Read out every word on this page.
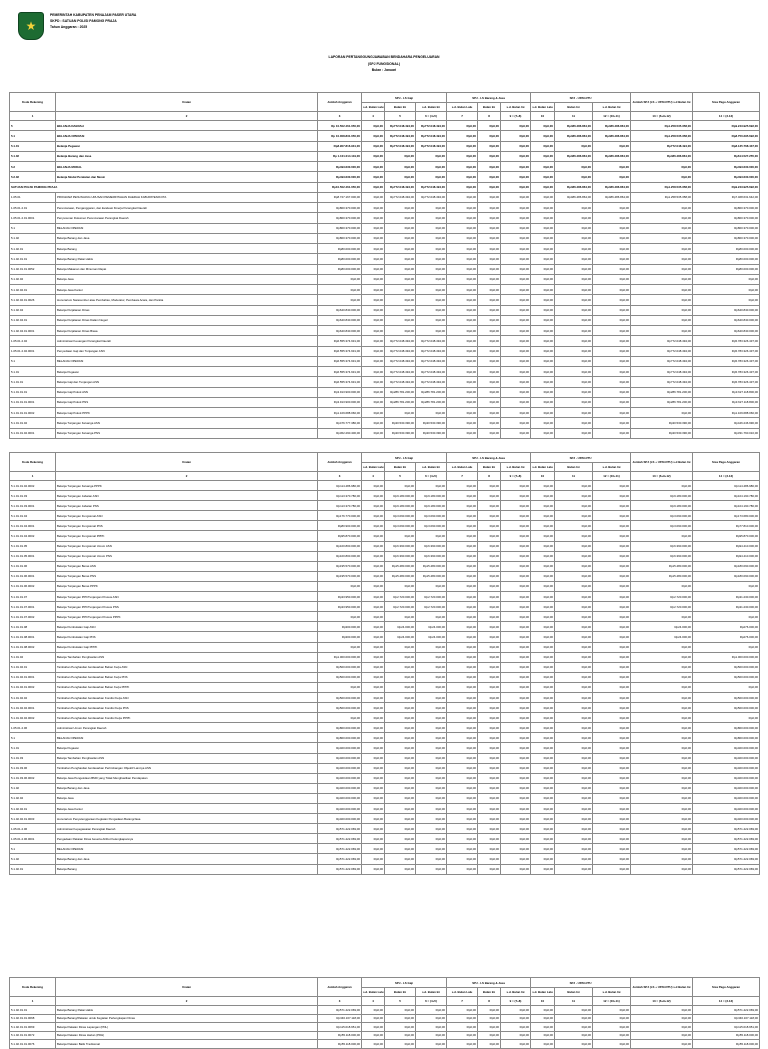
★
PEMERINTAH KABUPATEN PENAJAM PASER UTARA
SKPD : SATUAN POLISI PAMONG PRAJA
Tahun Anggaran : 2025
LAPORAN PERTANGGUNGJAWABAN BENDAHARA PENGELUARAN
(SPJ FUNGSIONAL)
Bulan : Januari
Kode Rekening	Uraian	Jumlah Anggaran	SPJ - LS Gaji			SPJ - LS Barang & Jasa			SPJ - UP/GU/TU			Jumlah SPJ (LS + UP/GU/TU) s.d Bulan Ini	Sisa Pagu Anggaran
			s.d. Bulan Lalu	Bulan Ini	s.d. Bulan Ini	s.d. Bulan Lalu	Bulan Ini	s.d. Bulan Ini	s.d. Bulan Lalu	Bulan Ini	s.d. Bulan Ini		
1	2	3	4	5	6 = (4+5)	7	8	9 = (7+8)	10	11	12 = (10+11)	13 = (6+9+12)	14 = (3-13)
5	BELANJA DAERAH	Rp 10.502.461.050,00	Rp0,00	Rp772.048.494,00	Rp772.048.494,00	Rp0,00	Rp0,00	Rp0,00	Rp0,00	Rp486.486.864,00	Rp486.486.864,00	Rp1.258.535.358,00	Rp9.243.925.692,00
5.1	BELANJA OPERASI	Rp 10.008.831.050,00	Rp0,00	Rp772.048.494,00	Rp772.048.494,00	Rp0,00	Rp0,00	Rp0,00	Rp0,00	Rp486.486.864,00	Rp486.486.864,00	Rp1.258.535.358,00	Rp8.750.295.692,00
5.1.01	Belanja Pegawai	Rp8.907.816.931,00	Rp0,00	Rp772.048.494,00	Rp772.048.494,00	Rp0,00	Rp0,00	Rp0,00	Rp0,00	Rp0,00	Rp0,00	Rp772.048.494,00	Rp8.135.768.437,00
5.1.02	Belanja Barang dan Jasa	Rp 1.101.014.119,00	Rp0,00	Rp0,00	Rp0,00	Rp0,00	Rp0,00	Rp0,00	Rp0,00	Rp486.486.864,00	Rp486.486.864,00	Rp486.486.864,00	Rp614.527.255,00
5.2	BELANJA MODAL	Rp493.630.000,00	Rp0,00	Rp0,00	Rp0,00	Rp0,00	Rp0,00	Rp0,00	Rp0,00	Rp0,00	Rp0,00	Rp0,00	Rp493.630.000,00
5.2.02	Belanja Modal Peralatan dan Mesin	Rp493.630.000,00	Rp0,00	Rp0,00	Rp0,00	Rp0,00	Rp0,00	Rp0,00	Rp0,00	Rp0,00	Rp0,00	Rp0,00	Rp493.630.000,00
SATUAN POLISI PAMONG PRAJA		Rp10.502.461.050,00	Rp0,00	Rp772.048.494,00	Rp772.048.494,00	Rp0,00	Rp0,00	Rp0,00	Rp0,00	Rp486.486.864,00	Rp486.486.864,00	Rp1.258.535.358,00	Rp9.243.925.692,00
1.05.01	PROGRAM PENUNJANG URUSAN PEMERINTAHAN DAERAH KABUPATEN/KOTA	Rp8.727.167.000,00	Rp0,00	Rp772.048.494,00	Rp772.048.494,00	Rp0,00	Rp0,00	Rp0,00	Rp0,00	Rp486.486.864,00	Rp486.486.864,00	Rp1.258.535.358,00	Rp7.468.631.642,00
1.05.01.2.01	Perencanaan, Penganggaran, dan Evaluasi Kinerja Perangkat Daerah	Rp800.370.000,00	Rp0,00	Rp0,00	Rp0,00	Rp0,00	Rp0,00	Rp0,00	Rp0,00	Rp0,00	Rp0,00	Rp0,00	Rp800.370.000,00
1.05.01.2.01.0001	Penyusunan Dokumen Perencanaan Perangkat Daerah	Rp800.370.000,00	Rp0,00	Rp0,00	Rp0,00	Rp0,00	Rp0,00	Rp0,00	Rp0,00	Rp0,00	Rp0,00	Rp0,00	Rp800.370.000,00
5.1	BELANJA OPERASI	Rp800.370.000,00	Rp0,00	Rp0,00	Rp0,00	Rp0,00	Rp0,00	Rp0,00	Rp0,00	Rp0,00	Rp0,00	Rp0,00	Rp800.370.000,00
5.1.02	Belanja Barang dan Jasa	Rp800.370.000,00	Rp0,00	Rp0,00	Rp0,00	Rp0,00	Rp0,00	Rp0,00	Rp0,00	Rp0,00	Rp0,00	Rp0,00	Rp800.370.000,00
5.1.02.01	Belanja Barang	Rp80.000.000,00	Rp0,00	Rp0,00	Rp0,00	Rp0,00	Rp0,00	Rp0,00	Rp0,00	Rp0,00	Rp0,00	Rp0,00	Rp80.000.000,00
5.1.02.01.01	Belanja Barang Pakai Habis	Rp80.000.000,00	Rp0,00	Rp0,00	Rp0,00	Rp0,00	Rp0,00	Rp0,00	Rp0,00	Rp0,00	Rp0,00	Rp0,00	Rp80.000.000,00
5.1.02.01.01.0052	Belanja Makanan dan Minuman Rapat	Rp80.000.000,00	Rp0,00	Rp0,00	Rp0,00	Rp0,00	Rp0,00	Rp0,00	Rp0,00	Rp0,00	Rp0,00	Rp0,00	Rp80.000.000,00
5.1.02.02	Belanja Jasa	Rp0,00	Rp0,00	Rp0,00	Rp0,00	Rp0,00	Rp0,00	Rp0,00	Rp0,00	Rp0,00	Rp0,00	Rp0,00	Rp0,00
5.1.02.02.01	Belanja Jasa Kantor	Rp0,00	Rp0,00	Rp0,00	Rp0,00	Rp0,00	Rp0,00	Rp0,00	Rp0,00	Rp0,00	Rp0,00	Rp0,00	Rp0,00
5.1.02.02.01.0026	Honorarium Narasumber atau Pembahas, Moderator, Pembawa Acara, dan Panitia	Rp0,00	Rp0,00	Rp0,00	Rp0,00	Rp0,00	Rp0,00	Rp0,00	Rp0,00	Rp0,00	Rp0,00	Rp0,00	Rp0,00
5.1.02.04	Belanja Perjalanan Dinas	Rp640.840.000,00	Rp0,00	Rp0,00	Rp0,00	Rp0,00	Rp0,00	Rp0,00	Rp0,00	Rp0,00	Rp0,00	Rp0,00	Rp640.840.000,00
5.1.02.04.01	Belanja Perjalanan Dinas Dalam Negeri	Rp640.840.000,00	Rp0,00	Rp0,00	Rp0,00	Rp0,00	Rp0,00	Rp0,00	Rp0,00	Rp0,00	Rp0,00	Rp0,00	Rp640.840.000,00
5.1.02.04.01.0001	Belanja Perjalanan Dinas Biasa	Rp640.840.000,00	Rp0,00	Rp0,00	Rp0,00	Rp0,00	Rp0,00	Rp0,00	Rp0,00	Rp0,00	Rp0,00	Rp0,00	Rp640.840.000,00
1.05.01.2.02	Administrasi Keuangan Perangkat Daerah	Rp6.555.374.931,00	Rp0,00	Rp772.048.494,00	Rp772.048.494,00	Rp0,00	Rp0,00	Rp0,00	Rp0,00	Rp0,00	Rp0,00	Rp772.048.494,00	Rp5.783.326.437,00
1.05.01.2.02.0001	Penyediaan Gaji dan Tunjangan ASN	Rp6.555.374.931,00	Rp0,00	Rp772.048.494,00	Rp772.048.494,00	Rp0,00	Rp0,00	Rp0,00	Rp0,00	Rp0,00	Rp0,00	Rp772.048.494,00	Rp5.783.326.437,00
5.1	BELANJA OPERASI	Rp6.555.374.931,00	Rp0,00	Rp772.048.494,00	Rp772.048.494,00	Rp0,00	Rp0,00	Rp0,00	Rp0,00	Rp0,00	Rp0,00	Rp772.048.494,00	Rp5.783.326.437,00
5.1.01	Belanja Pegawai	Rp6.555.374.931,00	Rp0,00	Rp772.048.494,00	Rp772.048.494,00	Rp0,00	Rp0,00	Rp0,00	Rp0,00	Rp0,00	Rp0,00	Rp772.048.494,00	Rp5.783.326.437,00
5.1.01.01	Belanja Gaji dan Tunjangan ASN	Rp6.555.374.931,00	Rp0,00	Rp772.048.494,00	Rp772.048.494,00	Rp0,00	Rp0,00	Rp0,00	Rp0,00	Rp0,00	Rp0,00	Rp772.048.494,00	Rp5.783.326.437,00
5.1.01.01.01	Belanja Gaji Pokok ASN	Rp3.913.900.000,00	Rp0,00	Rp286.781.200,00	Rp286.781.200,00	Rp0,00	Rp0,00	Rp0,00	Rp0,00	Rp0,00	Rp0,00	Rp286.781.200,00	Rp3.627.118.800,00
5.1.01.01.01.0001	Belanja Gaji Pokok PNS	Rp3.913.900.000,00	Rp0,00	Rp286.781.200,00	Rp286.781.200,00	Rp0,00	Rp0,00	Rp0,00	Rp0,00	Rp0,00	Rp0,00	Rp286.781.200,00	Rp3.627.118.800,00
5.1.01.01.01.0002	Belanja Gaji Pokok PPPK	Rp1.109.688.060,00	Rp0,00	Rp0,00	Rp0,00	Rp0,00	Rp0,00	Rp0,00	Rp0,00	Rp0,00	Rp0,00	Rp0,00	Rp1.109.688.060,00
5.1.01.01.02	Belanja Tunjangan Keluarga ASN	Rp476.777.380,00	Rp0,00	Rp30.530.390,00	Rp30.530.390,00	Rp0,00	Rp0,00	Rp0,00	Rp0,00	Rp0,00	Rp0,00	Rp30.530.390,00	Rp446.246.990,00
5.1.01.01.02.0001	Belanja Tunjangan Keluarga PNS	Rp362.290.400,00	Rp0,00	Rp30.530.390,00	Rp30.530.390,00	Rp0,00	Rp0,00	Rp0,00	Rp0,00	Rp0,00	Rp0,00	Rp30.530.390,00	Rp331.760.010,00
Kode Rekening	Uraian	Jumlah Anggaran	SPJ - LS Gaji			SPJ - LS Barang & Jasa			SPJ - UP/GU/TU			Jumlah SPJ (LS + UP/GU/TU) s.d Bulan Ini	Sisa Pagu Anggaran
			s.d. Bulan Lalu	Bulan Ini	s.d. Bulan Ini	s.d. Bulan Lalu	Bulan Ini	s.d. Bulan Ini	s.d. Bulan Lalu	Bulan Ini	s.d. Bulan Ini		
1	2	3	4	5	6 = (4+5)	7	8	9 = (7+8)	10	11	12 = (10+11)	13 = (6+9+12)	14 = (3-13)
5.1.01.01.02.0002	Belanja Tunjangan Keluarga PPPK	Rp114.486.980,00	Rp0,00	Rp0,00	Rp0,00	Rp0,00	Rp0,00	Rp0,00	Rp0,00	Rp0,00	Rp0,00	Rp0,00	Rp114.486.980,00
5.1.01.01.03	Belanja Tunjangan Jabatan ASN	Rp113.370.780,00	Rp0,00	Rp9.180.000,00	Rp9.180.000,00	Rp0,00	Rp0,00	Rp0,00	Rp0,00	Rp0,00	Rp0,00	Rp9.180.000,00	Rp104.190.780,00
5.1.01.01.03.0001	Belanja Tunjangan Jabatan PNS	Rp113.370.780,00	Rp0,00	Rp9.180.000,00	Rp9.180.000,00	Rp0,00	Rp0,00	Rp0,00	Rp0,00	Rp0,00	Rp0,00	Rp9.180.000,00	Rp104.190.780,00
5.1.01.01.04	Belanja Tunjangan Fungsional ASN	Rp176.770.000,00	Rp0,00	Rp3.090.000,00	Rp3.090.000,00	Rp0,00	Rp0,00	Rp0,00	Rp0,00	Rp0,00	Rp0,00	Rp3.090.000,00	Rp173.680.000,00
5.1.01.01.04.0001	Belanja Tunjangan Fungsional PNS	Rp80.900.000,00	Rp0,00	Rp3.090.000,00	Rp3.090.000,00	Rp0,00	Rp0,00	Rp0,00	Rp0,00	Rp0,00	Rp0,00	Rp3.090.000,00	Rp77.810.000,00
5.1.01.01.04.0002	Belanja Tunjangan Fungsional PPPK	Rp95.870.000,00	Rp0,00	Rp0,00	Rp0,00	Rp0,00	Rp0,00	Rp0,00	Rp0,00	Rp0,00	Rp0,00	Rp0,00	Rp95.870.000,00
5.1.01.01.05	Belanja Tunjangan Fungsional Umum ASN	Rp100.800.000,00	Rp0,00	Rp6.390.000,00	Rp6.390.000,00	Rp0,00	Rp0,00	Rp0,00	Rp0,00	Rp0,00	Rp0,00	Rp6.390.000,00	Rp94.410.000,00
5.1.01.01.05.0001	Belanja Tunjangan Fungsional Umum PNS	Rp100.800.000,00	Rp0,00	Rp6.390.000,00	Rp6.390.000,00	Rp0,00	Rp0,00	Rp0,00	Rp0,00	Rp0,00	Rp0,00	Rp6.390.000,00	Rp94.410.000,00
5.1.01.01.06	Belanja Tunjangan Beras ASN	Rp195.570.000,00	Rp0,00	Rp15.480.000,00	Rp15.480.000,00	Rp0,00	Rp0,00	Rp0,00	Rp0,00	Rp0,00	Rp0,00	Rp15.480.000,00	Rp180.090.000,00
5.1.01.01.06.0001	Belanja Tunjangan Beras PNS	Rp195.570.000,00	Rp0,00	Rp15.480.000,00	Rp15.480.000,00	Rp0,00	Rp0,00	Rp0,00	Rp0,00	Rp0,00	Rp0,00	Rp15.480.000,00	Rp180.090.000,00
5.1.01.01.06.0002	Belanja Tunjangan Beras PPPK	Rp0,00	Rp0,00	Rp0,00	Rp0,00	Rp0,00	Rp0,00	Rp0,00	Rp0,00	Rp0,00	Rp0,00	Rp0,00	Rp0,00
5.1.01.01.07	Belanja Tunjangan PPh/Tunjangan Khusus ASN	Rp33.950.000,00	Rp0,00	Rp2.720.000,00	Rp2.720.000,00	Rp0,00	Rp0,00	Rp0,00	Rp0,00	Rp0,00	Rp0,00	Rp2.720.000,00	Rp31.230.000,00
5.1.01.01.07.0001	Belanja Tunjangan PPh/Tunjangan Khusus PNS	Rp33.950.000,00	Rp0,00	Rp2.720.000,00	Rp2.720.000,00	Rp0,00	Rp0,00	Rp0,00	Rp0,00	Rp0,00	Rp0,00	Rp2.720.000,00	Rp31.230.000,00
5.1.01.01.07.0002	Belanja Tunjangan PPh/Tunjangan Khusus PPPK	Rp0,00	Rp0,00	Rp0,00	Rp0,00	Rp0,00	Rp0,00	Rp0,00	Rp0,00	Rp0,00	Rp0,00	Rp0,00	Rp0,00
5.1.01.01.08	Belanja Pembulatan Gaji ASN	Rp300.000,00	Rp0,00	Rp24.000,00	Rp24.000,00	Rp0,00	Rp0,00	Rp0,00	Rp0,00	Rp0,00	Rp0,00	Rp24.000,00	Rp276.000,00
5.1.01.01.08.0001	Belanja Pembulatan Gaji PNS	Rp300.000,00	Rp0,00	Rp24.000,00	Rp24.000,00	Rp0,00	Rp0,00	Rp0,00	Rp0,00	Rp0,00	Rp0,00	Rp24.000,00	Rp276.000,00
5.1.01.01.08.0002	Belanja Pembulatan Gaji PPPK	Rp0,00	Rp0,00	Rp0,00	Rp0,00	Rp0,00	Rp0,00	Rp0,00	Rp0,00	Rp0,00	Rp0,00	Rp0,00	Rp0,00
5.1.01.02	Belanja Tambahan Penghasilan ASN	Rp1.000.000.000,00	Rp0,00	Rp0,00	Rp0,00	Rp0,00	Rp0,00	Rp0,00	Rp0,00	Rp0,00	Rp0,00	Rp0,00	Rp1.000.000.000,00
5.1.01.02.01	Tambahan Penghasilan berdasarkan Beban Kerja ASN	Rp500.000.000,00	Rp0,00	Rp0,00	Rp0,00	Rp0,00	Rp0,00	Rp0,00	Rp0,00	Rp0,00	Rp0,00	Rp0,00	Rp500.000.000,00
5.1.01.02.01.0001	Tambahan Penghasilan berdasarkan Beban Kerja PNS	Rp500.000.000,00	Rp0,00	Rp0,00	Rp0,00	Rp0,00	Rp0,00	Rp0,00	Rp0,00	Rp0,00	Rp0,00	Rp0,00	Rp500.000.000,00
5.1.01.02.01.0002	Tambahan Penghasilan berdasarkan Beban Kerja PPPK	Rp0,00	Rp0,00	Rp0,00	Rp0,00	Rp0,00	Rp0,00	Rp0,00	Rp0,00	Rp0,00	Rp0,00	Rp0,00	Rp0,00
5.1.01.02.02	Tambahan Penghasilan berdasarkan Kondisi Kerja ASN	Rp500.000.000,00	Rp0,00	Rp0,00	Rp0,00	Rp0,00	Rp0,00	Rp0,00	Rp0,00	Rp0,00	Rp0,00	Rp0,00	Rp500.000.000,00
5.1.01.02.02.0001	Tambahan Penghasilan berdasarkan Kondisi Kerja PNS	Rp500.000.000,00	Rp0,00	Rp0,00	Rp0,00	Rp0,00	Rp0,00	Rp0,00	Rp0,00	Rp0,00	Rp0,00	Rp0,00	Rp500.000.000,00
5.1.01.02.02.0002	Tambahan Penghasilan berdasarkan Kondisi Kerja PPPK	Rp0,00	Rp0,00	Rp0,00	Rp0,00	Rp0,00	Rp0,00	Rp0,00	Rp0,00	Rp0,00	Rp0,00	Rp0,00	Rp0,00
1.05.01.2.06	Administrasi Umum Perangkat Daerah	Rp800.000.000,00	Rp0,00	Rp0,00	Rp0,00	Rp0,00	Rp0,00	Rp0,00	Rp0,00	Rp0,00	Rp0,00	Rp0,00	Rp800.000.000,00
5.1	BELANJA OPERASI	Rp800.000.000,00	Rp0,00	Rp0,00	Rp0,00	Rp0,00	Rp0,00	Rp0,00	Rp0,00	Rp0,00	Rp0,00	Rp0,00	Rp800.000.000,00
5.1.01	Belanja Pegawai	Rp400.000.000,00	Rp0,00	Rp0,00	Rp0,00	Rp0,00	Rp0,00	Rp0,00	Rp0,00	Rp0,00	Rp0,00	Rp0,00	Rp400.000.000,00
5.1.01.03	Belanja Tambahan Penghasilan ASN	Rp400.000.000,00	Rp0,00	Rp0,00	Rp0,00	Rp0,00	Rp0,00	Rp0,00	Rp0,00	Rp0,00	Rp0,00	Rp0,00	Rp400.000.000,00
5.1.01.03.06	Tambahan Penghasilan berdasarkan Pertimbangan Objektif Lainnya ASN	Rp400.000.000,00	Rp0,00	Rp0,00	Rp0,00	Rp0,00	Rp0,00	Rp0,00	Rp0,00	Rp0,00	Rp0,00	Rp0,00	Rp400.000.000,00
5.1.01.03.06.0002	Belanja Jasa Pengelolaan BMD yang Tidak Menghasilkan Pendapatan	Rp400.000.000,00	Rp0,00	Rp0,00	Rp0,00	Rp0,00	Rp0,00	Rp0,00	Rp0,00	Rp0,00	Rp0,00	Rp0,00	Rp400.000.000,00
5.1.02	Belanja Barang dan Jasa	Rp400.000.000,00	Rp0,00	Rp0,00	Rp0,00	Rp0,00	Rp0,00	Rp0,00	Rp0,00	Rp0,00	Rp0,00	Rp0,00	Rp400.000.000,00
5.1.02.02	Belanja Jasa	Rp400.000.000,00	Rp0,00	Rp0,00	Rp0,00	Rp0,00	Rp0,00	Rp0,00	Rp0,00	Rp0,00	Rp0,00	Rp0,00	Rp400.000.000,00
5.1.02.02.01	Belanja Jasa Kantor	Rp400.000.000,00	Rp0,00	Rp0,00	Rp0,00	Rp0,00	Rp0,00	Rp0,00	Rp0,00	Rp0,00	Rp0,00	Rp0,00	Rp400.000.000,00
5.1.02.02.01.0003	Honorarium Penyelenggaraan Kegiatan Pengadaan Barang/Jasa	Rp400.000.000,00	Rp0,00	Rp0,00	Rp0,00	Rp0,00	Rp0,00	Rp0,00	Rp0,00	Rp0,00	Rp0,00	Rp0,00	Rp400.000.000,00
1.05.01.2.06	Administrasi Kepegawaian Perangkat Daerah	Rp571.422.069,00	Rp0,00	Rp0,00	Rp0,00	Rp0,00	Rp0,00	Rp0,00	Rp0,00	Rp0,00	Rp0,00	Rp0,00	Rp571.422.069,00
1.05.01.2.06.0001	Pengadaan Pakaian Dinas beserta Atribut Kelengkapannya	Rp571.422.069,00	Rp0,00	Rp0,00	Rp0,00	Rp0,00	Rp0,00	Rp0,00	Rp0,00	Rp0,00	Rp0,00	Rp0,00	Rp571.422.069,00
5.1	BELANJA OPERASI	Rp571.422.069,00	Rp0,00	Rp0,00	Rp0,00	Rp0,00	Rp0,00	Rp0,00	Rp0,00	Rp0,00	Rp0,00	Rp0,00	Rp571.422.069,00
5.1.02	Belanja Barang dan Jasa	Rp571.422.069,00	Rp0,00	Rp0,00	Rp0,00	Rp0,00	Rp0,00	Rp0,00	Rp0,00	Rp0,00	Rp0,00	Rp0,00	Rp571.422.069,00
5.1.02.01	Belanja Barang	Rp571.422.069,00	Rp0,00	Rp0,00	Rp0,00	Rp0,00	Rp0,00	Rp0,00	Rp0,00	Rp0,00	Rp0,00	Rp0,00	Rp571.422.069,00
Kode Rekening	Uraian	Jumlah Anggaran	SPJ - LS Gaji			SPJ - LS Barang & Jasa			SPJ - UP/GU/TU			Jumlah SPJ (LS + UP/GU/TU) s.d Bulan Ini	Sisa Pagu Anggaran
			s.d. Bulan Lalu	Bulan Ini	s.d. Bulan Ini	s.d. Bulan Lalu	Bulan Ini	s.d. Bulan Ini	s.d. Bulan Lalu	Bulan Ini	s.d. Bulan Ini		
1	2	3	4	5	6 = (4+5)	7	8	9 = (7+8)	10	11	12 = (10+11)	13 = (6+9+12)	14 = (3-13)
5.1.02.01.01	Belanja Barang Pakai Habis	Rp571.422.069,00	Rp0,00	Rp0,00	Rp0,00	Rp0,00	Rp0,00	Rp0,00	Rp0,00	Rp0,00	Rp0,00	Rp0,00	Rp571.422.069,00
5.1.02.01.01.0068	Belanja Barang/Pakaian untuk Kegiatan Perlengkapan Dinas	Rp346.167.118,00	Rp0,00	Rp0,00	Rp0,00	Rp0,00	Rp0,00	Rp0,00	Rp0,00	Rp0,00	Rp0,00	Rp0,00	Rp346.167.118,00
5.1.02.01.01.0069	Belanja Pakaian Dinas Lapangan (PDL)	Rp115.018.951,00	Rp0,00	Rp0,00	Rp0,00	Rp0,00	Rp0,00	Rp0,00	Rp0,00	Rp0,00	Rp0,00	Rp0,00	Rp115.018.951,00
5.1.02.01.01.0072	Belanja Pakaian Dinas Harian (PDH)	Rp55.118.000,00	Rp0,00	Rp0,00	Rp0,00	Rp0,00	Rp0,00	Rp0,00	Rp0,00	Rp0,00	Rp0,00	Rp0,00	Rp55.118.000,00
5.1.02.01.01.0076	Belanja Pakaian Batik Tradisional	Rp55.118.000,00	Rp0,00	Rp0,00	Rp0,00	Rp0,00	Rp0,00	Rp0,00	Rp0,00	Rp0,00	Rp0,00	Rp0,00	Rp55.118.000,00
